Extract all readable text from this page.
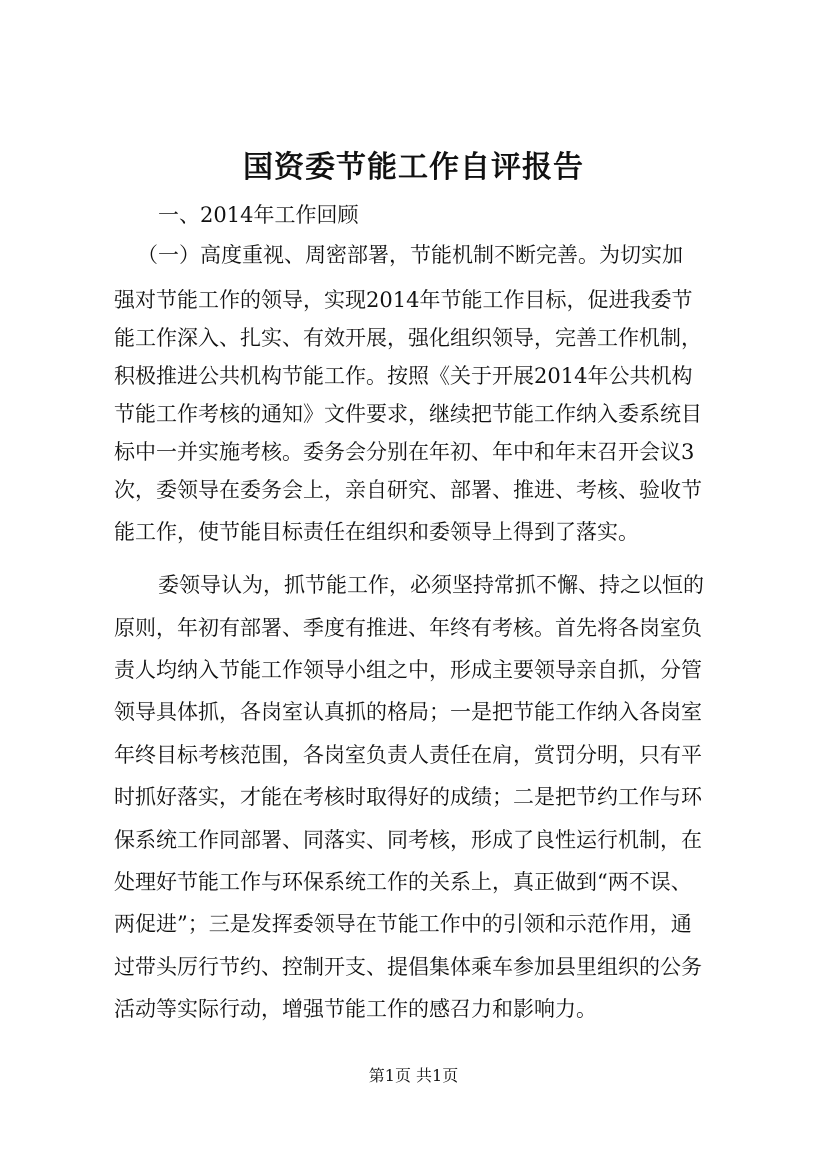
国资委节能工作自评报告
一、2014年工作回顾
（一）高度重视、周密部署，节能机制不断完善。为切实加
强对节能工作的领导，实现2014年节能工作目标，促进我委节
能工作深入、扎实、有效开展，强化组织领导，完善工作机制，
积极推进公共机构节能工作。按照《关于开展2014年公共机构
节能工作考核的通知》文件要求，继续把节能工作纳入委系统目
标中一并实施考核。委务会分别在年初、年中和年末召开会议3
次，委领导在委务会上，亲自研究、部署、推进、考核、验收节
能工作，使节能目标责任在组织和委领导上得到了落实。
委领导认为，抓节能工作，必须坚持常抓不懈、持之以恒的
原则，年初有部署、季度有推进、年终有考核。首先将各岗室负
责人均纳入节能工作领导小组之中，形成主要领导亲自抓，分管
领导具体抓，各岗室认真抓的格局；一是把节能工作纳入各岗室
年终目标考核范围，各岗室负责人责任在肩，赏罚分明，只有平
时抓好落实，才能在考核时取得好的成绩；二是把节约工作与环
保系统工作同部署、同落实、同考核，形成了良性运行机制，在
处理好节能工作与环保系统工作的关系上，真正做到“两不误、
两促进”；三是发挥委领导在节能工作中的引领和示范作用，通
过带头厉行节约、控制开支、提倡集体乘车参加县里组织的公务
活动等实际行动，增强节能工作的感召力和影响力。
第1页 共1页
